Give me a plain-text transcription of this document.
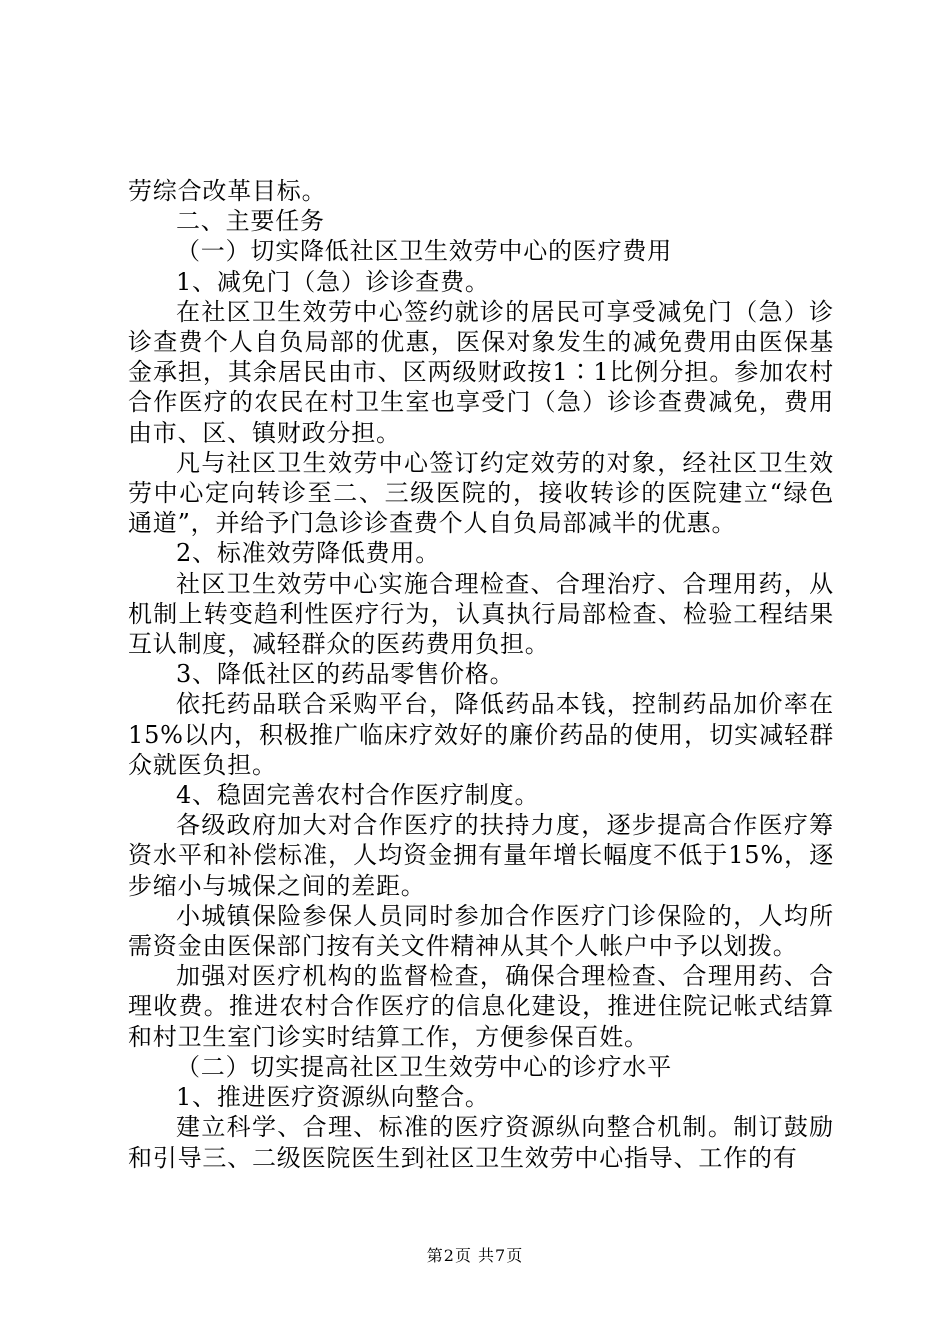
劳综合改革目标。

二、主要任务

（一）切实降低社区卫生效劳中心的医疗费用

1、减免门（急）诊诊查费。

在社区卫生效劳中心签约就诊的居民可享受减免门（急）诊诊查费个人自负局部的优惠，医保对象发生的减免费用由医保基金承担，其余居民由市、区两级财政按1∶1比例分担。参加农村合作医疗的农民在村卫生室也享受门（急）诊诊查费减免，费用由市、区、镇财政分担。

凡与社区卫生效劳中心签订约定效劳的对象，经社区卫生效劳中心定向转诊至二、三级医院的，接收转诊的医院建立“绿色通道”，并给予门急诊诊查费个人自负局部减半的优惠。

2、标准效劳降低费用。

社区卫生效劳中心实施合理检查、合理治疗、合理用药，从机制上转变趋利性医疗行为，认真执行局部检查、检验工程结果互认制度，减轻群众的医药费用负担。

3、降低社区的药品零售价格。

依托药品联合采购平台，降低药品本钱，控制药品加价率在15%以内，积极推广临床疗效好的廉价药品的使用，切实减轻群众就医负担。

4、稳固完善农村合作医疗制度。

各级政府加大对合作医疗的扶持力度，逐步提高合作医疗筹资水平和补偿标准，人均资金拥有量年增长幅度不低于15%，逐步缩小与城保之间的差距。

小城镇保险参保人员同时参加合作医疗门诊保险的，人均所需资金由医保部门按有关文件精神从其个人帐户中予以划拨。

加强对医疗机构的监督检查，确保合理检查、合理用药、合理收费。推进农村合作医疗的信息化建设，推进住院记帐式结算和村卫生室门诊实时结算工作，方便参保百姓。

（二）切实提高社区卫生效劳中心的诊疗水平

1、推进医疗资源纵向整合。

建立科学、合理、标准的医疗资源纵向整合机制。制订鼓励和引导三、二级医院医生到社区卫生效劳中心指导、工作的有

第2页 共7页
